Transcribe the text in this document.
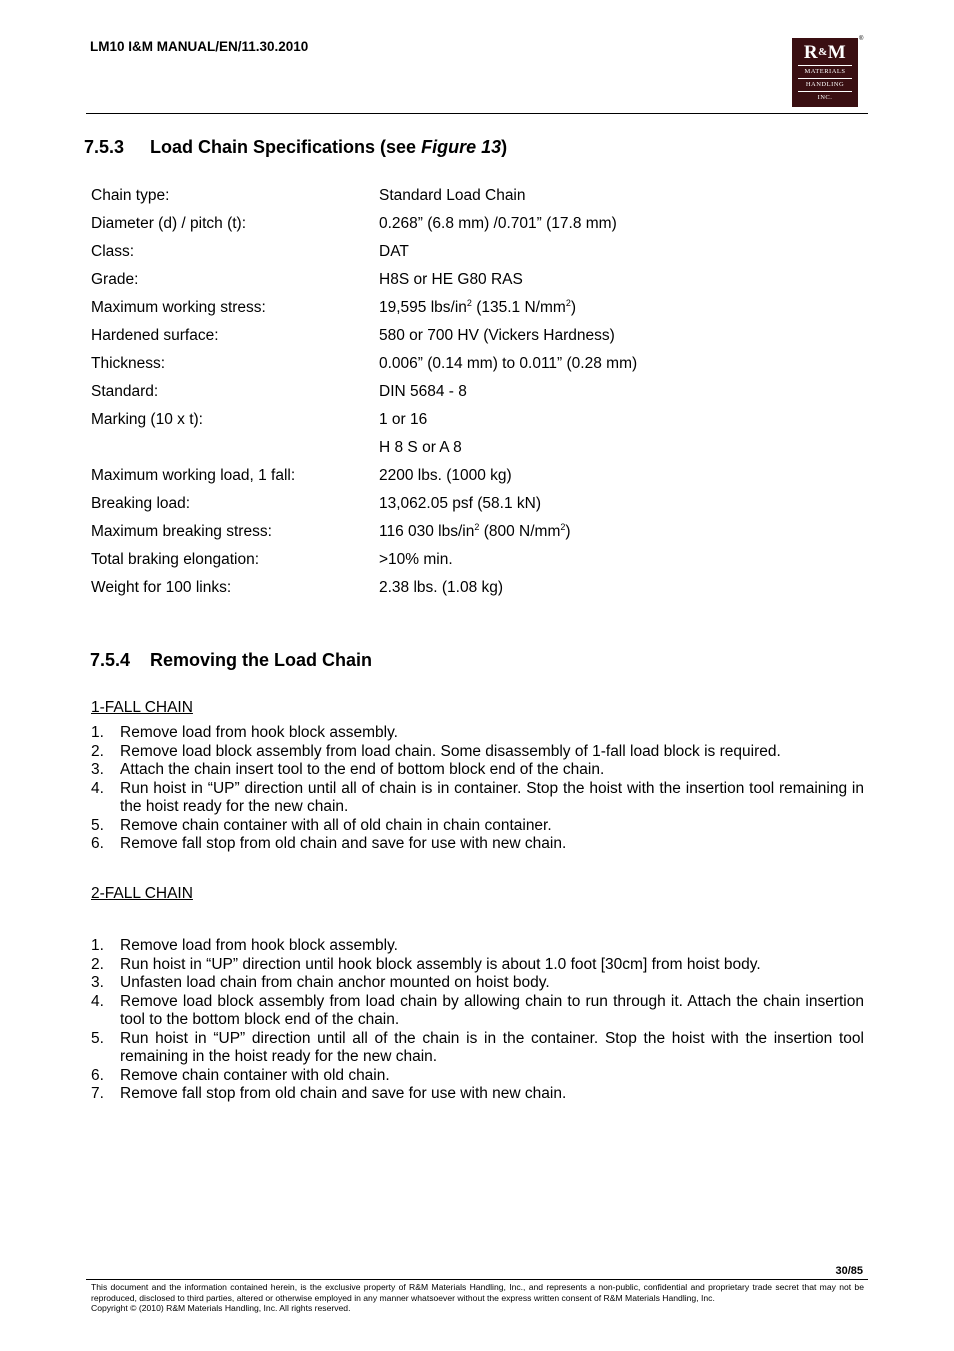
LM10 I&M MANUAL/EN/11.30.2010	R&M
MATERIALS
HANDLING
INC.
®
7.5.3 Load Chain Specifications (see Figure 13)
Chain type:	Standard Load Chain
Diameter (d) / pitch (t):	0.268” (6.8 mm) /0.701” (17.8 mm)
Class:	DAT
Grade:	H8S or HE G80 RAS
Maximum working stress:	19,595 lbs/$in^2$ (135.1 $N/mm^2$)
Hardened surface:	580 or 700 HV (Vickers Hardness)
Thickness:	0.006” (0.14 mm) to 0.011” (0.28 mm)
Standard:	DIN 5684 - 8
Marking (10 x t):	1 or 16
H 8 S or A 8
Maximum working load, 1 fall:	2200 lbs. (1000 kg)
Breaking load:	13,062.05 psf (58.1 kN)
Maximum breaking stress:	116 030 lbs/$in^2$ (800 $N/mm^2$)
Total braking elongation:	>10% min.
Weight for 100 links:	2.38 lbs. (1.08 kg)
7.5.4 Removing the Load Chain
1-FALL CHAIN
1.	Remove load from hook block assembly.
2.	Remove load block assembly from load chain. Some disassembly of 1-fall load block is required.
3.	Attach the chain insert tool to the end of bottom block end of the chain.
4.	Run hoist in “UP” direction until all of chain is in container. Stop the hoist with the insertion tool remaining in the hoist ready for the new chain.
5.	Remove chain container with all of old chain in chain container.
6.	Remove fall stop from old chain and save for use with new chain.
2-FALL CHAIN
1.	Remove load from hook block assembly.
2.	Run hoist in “UP” direction until hook block assembly is about 1.0 foot [30cm] from hoist body.
3.	Unfasten load chain from chain anchor mounted on hoist body.
4.	Remove load block assembly from load chain by allowing chain to run through it. Attach the chain insertion tool to the bottom block end of the chain.
5.	Run hoist in “UP” direction until all of the chain is in the container. Stop the hoist with the insertion tool remaining in the hoist ready for the new chain.
6.	Remove chain container with old chain.
7.	Remove fall stop from old chain and save for use with new chain.
30/85
This document and the information contained herein, is the exclusive property of R&M Materials Handling, Inc., and represents a non-public, confidential and proprietary trade secret that may not be reproduced, disclosed to third parties, altered or otherwise employed in any manner whatsoever without the express written consent of R&M Materials Handling, Inc.
Copyright © (2010) R&M Materials Handling, Inc. All rights reserved.
